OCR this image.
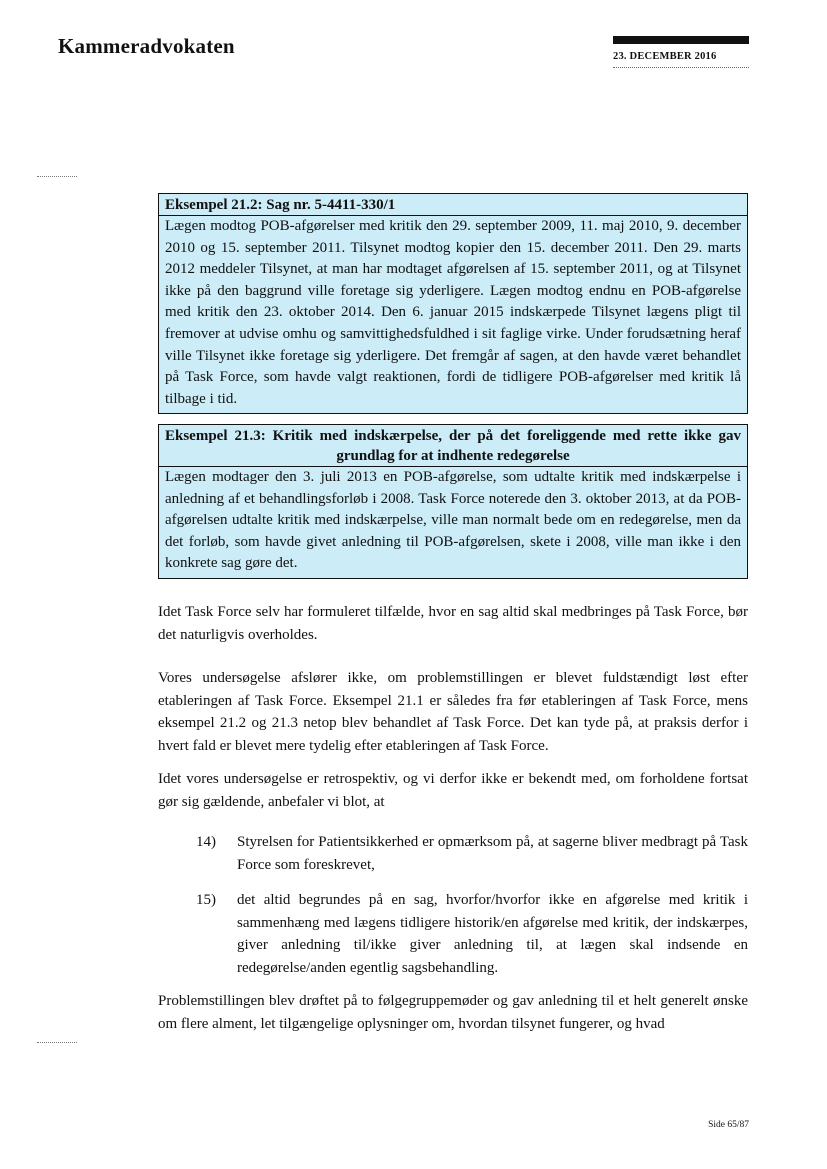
Kammeradvokaten	23. DECEMBER 2016
Eksempel 21.2: Sag nr. 5-4411-330/1
Lægen modtog POB-afgørelser med kritik den 29. september 2009, 11. maj 2010, 9. december 2010 og 15. september 2011. Tilsynet modtog kopier den 15. december 2011. Den 29. marts 2012 meddeler Tilsynet, at man har modtaget afgørelsen af 15. september 2011, og at Tilsynet ikke på den baggrund ville foretage sig yderligere. Lægen modtog endnu en POB-afgørelse med kritik den 23. oktober 2014. Den 6. januar 2015 indskærpede Tilsynet lægens pligt til fremover at udvise omhu og samvittighedsfuldhed i sit faglige virke. Under forudsætning heraf ville Tilsynet ikke foretage sig yderligere. Det fremgår af sagen, at den havde været behandlet på Task Force, som havde valgt reaktionen, fordi de tidligere POB-afgørelser med kritik lå tilbage i tid.
Eksempel 21.3: Kritik med indskærpelse, der på det foreliggende med rette ikke gav grundlag for at indhente redegørelse
Lægen modtager den 3. juli 2013 en POB-afgørelse, som udtalte kritik med indskærpelse i anledning af et behandlingsforløb i 2008. Task Force noterede den 3. oktober 2013, at da POB-afgørelsen udtalte kritik med indskærpelse, ville man normalt bede om en redegørelse, men da det forløb, som havde givet anledning til POB-afgørelsen, skete i 2008, ville man ikke i den konkrete sag gøre det.

Idet Task Force selv har formuleret tilfælde, hvor en sag altid skal medbringes på Task Force, bør det naturligvis overholdes.

Vores undersøgelse afslører ikke, om problemstillingen er blevet fuldstændigt løst efter etableringen af Task Force. Eksempel 21.1 er således fra før etableringen af Task Force, mens eksempel 21.2 og 21.3 netop blev behandlet af Task Force. Det kan tyde på, at praksis derfor i hvert fald er blevet mere tydelig efter etableringen af Task Force.

Idet vores undersøgelse er retrospektiv, og vi derfor ikke er bekendt med, om forholdene fortsat gør sig gældende, anbefaler vi blot, at

14) Styrelsen for Patientsikkerhed er opmærksom på, at sagerne bliver medbragt på Task Force som foreskrevet,
15) det altid begrundes på en sag, hvorfor/hvorfor ikke en afgørelse med kritik i sammenhæng med lægens tidligere historik/en afgørelse med kritik, der indskærpes, giver anledning til/ikke giver anledning til, at lægen skal indsende en redegørelse/anden egentlig sagsbehandling.

Problemstillingen blev drøftet på to følgegruppemøder og gav anledning til et helt generelt ønske om flere alment, let tilgængelige oplysninger om, hvordan tilsynet fungerer, og hvad

Side 65/87
